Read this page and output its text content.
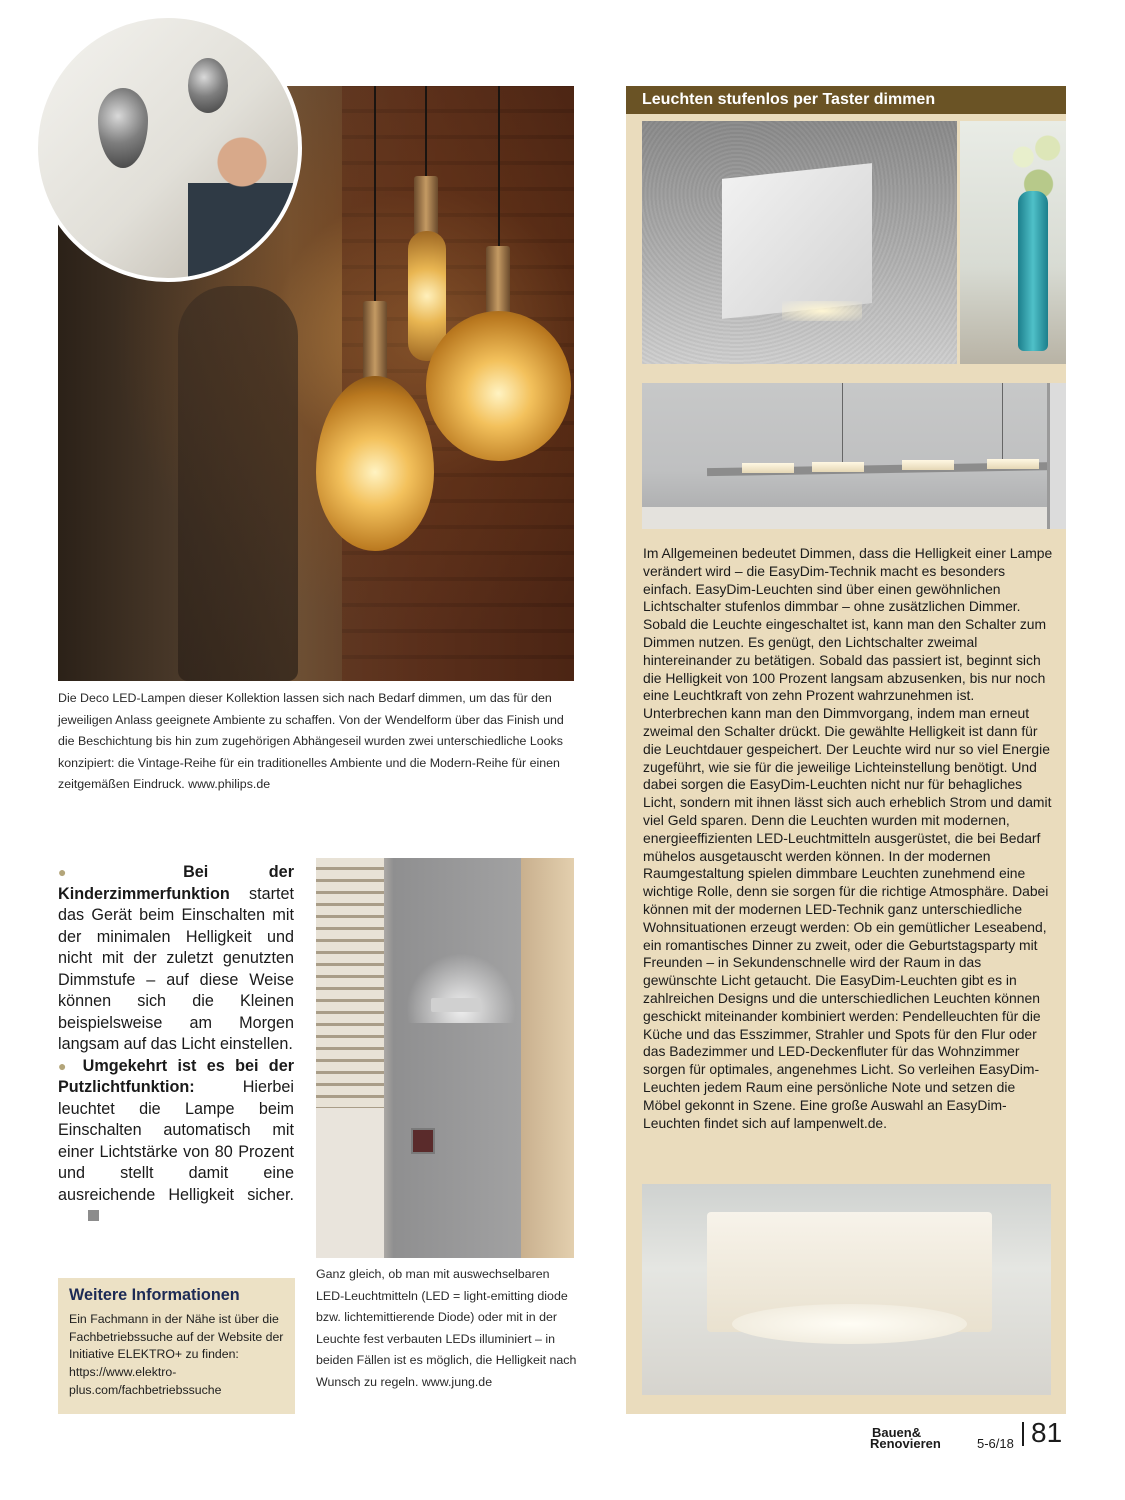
Die Deco LED-Lampen dieser Kollektion lassen sich nach Bedarf dimmen, um das für den jeweiligen Anlass geeignete Ambiente zu schaffen. Von der Wendelform über das Finish und die Beschichtung bis hin zum zugehörigen Abhängeseil wurden zwei unterschiedliche Looks konzipiert: die Vintage-Reihe für ein traditionelles Ambiente und die Modern-Reihe für einen zeitgemäßen Eindruck. www.philips.de
●	Bei der Kinderzimmerfunktion startet das Gerät beim Einschalten mit der minimalen Helligkeit und nicht mit der zuletzt genutzten Dimmstufe – auf diese Weise können sich die Kleinen beispielsweise am Morgen langsam auf das Licht einstellen.
● Umgekehrt ist es bei der Putzlichtfunktion: Hierbei leuchtet die Lampe beim Einschalten automatisch mit einer Lichtstärke von 80 Prozent und stellt damit eine ausreichende Helligkeit sicher.
Ganz gleich, ob man mit auswechselbaren LED-Leuchtmitteln (LED = light-emitting diode bzw. lichtemittierende Diode) oder mit in der Leuchte fest verbauten LEDs illuminiert – in beiden Fällen ist es möglich, die Helligkeit nach Wunsch zu regeln. www.jung.de
Weitere Informationen
Ein Fachmann in der Nähe ist über die Fachbetriebssuche auf der Website der Initiative ELEKTRO+ zu finden: https://www.elektro-plus.com/fachbetriebssuche
Leuchten stufenlos per Taster dimmen
Im Allgemeinen bedeutet Dimmen, dass die Helligkeit einer Lampe verändert wird – die EasyDim-Technik macht es besonders einfach. EasyDim-Leuchten sind über einen gewöhnlichen Lichtschalter stufenlos dimmbar – ohne zusätzlichen Dimmer. Sobald die Leuchte eingeschaltet ist, kann man den Schalter zum Dimmen nutzen. Es genügt, den Lichtschalter zweimal hintereinander zu betätigen. Sobald das passiert ist, beginnt sich die Helligkeit von 100 Prozent langsam abzusenken, bis nur noch eine Leuchtkraft von zehn Prozent wahrzunehmen ist. Unterbrechen kann man den Dimmvorgang, indem man erneut zweimal den Schalter drückt. Die gewählte Helligkeit ist dann für die Leuchtdauer gespeichert. Der Leuchte wird nur so viel Energie zugeführt, wie sie für die jeweilige Lichteinstellung benötigt. Und dabei sorgen die EasyDim-Leuchten nicht nur für behagliches Licht, sondern mit ihnen lässt sich auch erheblich Strom und damit viel Geld sparen. Denn die Leuchten wurden mit modernen, energieeffizienten LED-Leuchtmitteln ausgerüstet, die bei Bedarf mühelos ausgetauscht werden können. In der modernen Raumgestaltung spielen dimmbare Leuchten zunehmend eine wichtige Rolle, denn sie sorgen für die richtige Atmosphäre. Dabei können mit der modernen LED-Technik ganz unterschiedliche Wohnsituationen erzeugt werden: Ob ein gemütlicher Leseabend, ein romantisches Dinner zu zweit, oder die Geburtstagsparty mit Freunden – in Sekundenschnelle wird der Raum in das gewünschte Licht getaucht. Die EasyDim-Leuchten gibt es in zahlreichen Designs und die unterschiedlichen Leuchten können geschickt miteinander kombiniert werden: Pendelleuchten für die Küche und das Esszimmer, Strahler und Spots für den Flur oder das Badezimmer und LED-Deckenfluter für das Wohnzimmer sorgen für optimales, angenehmes Licht. So verleihen EasyDim-Leuchten jedem Raum eine persönliche Note und setzen die Möbel gekonnt in Szene. Eine große Auswahl an EasyDim-Leuchten findet sich auf lampenwelt.de.
Bauen&
Renovieren	5-6/18 81
